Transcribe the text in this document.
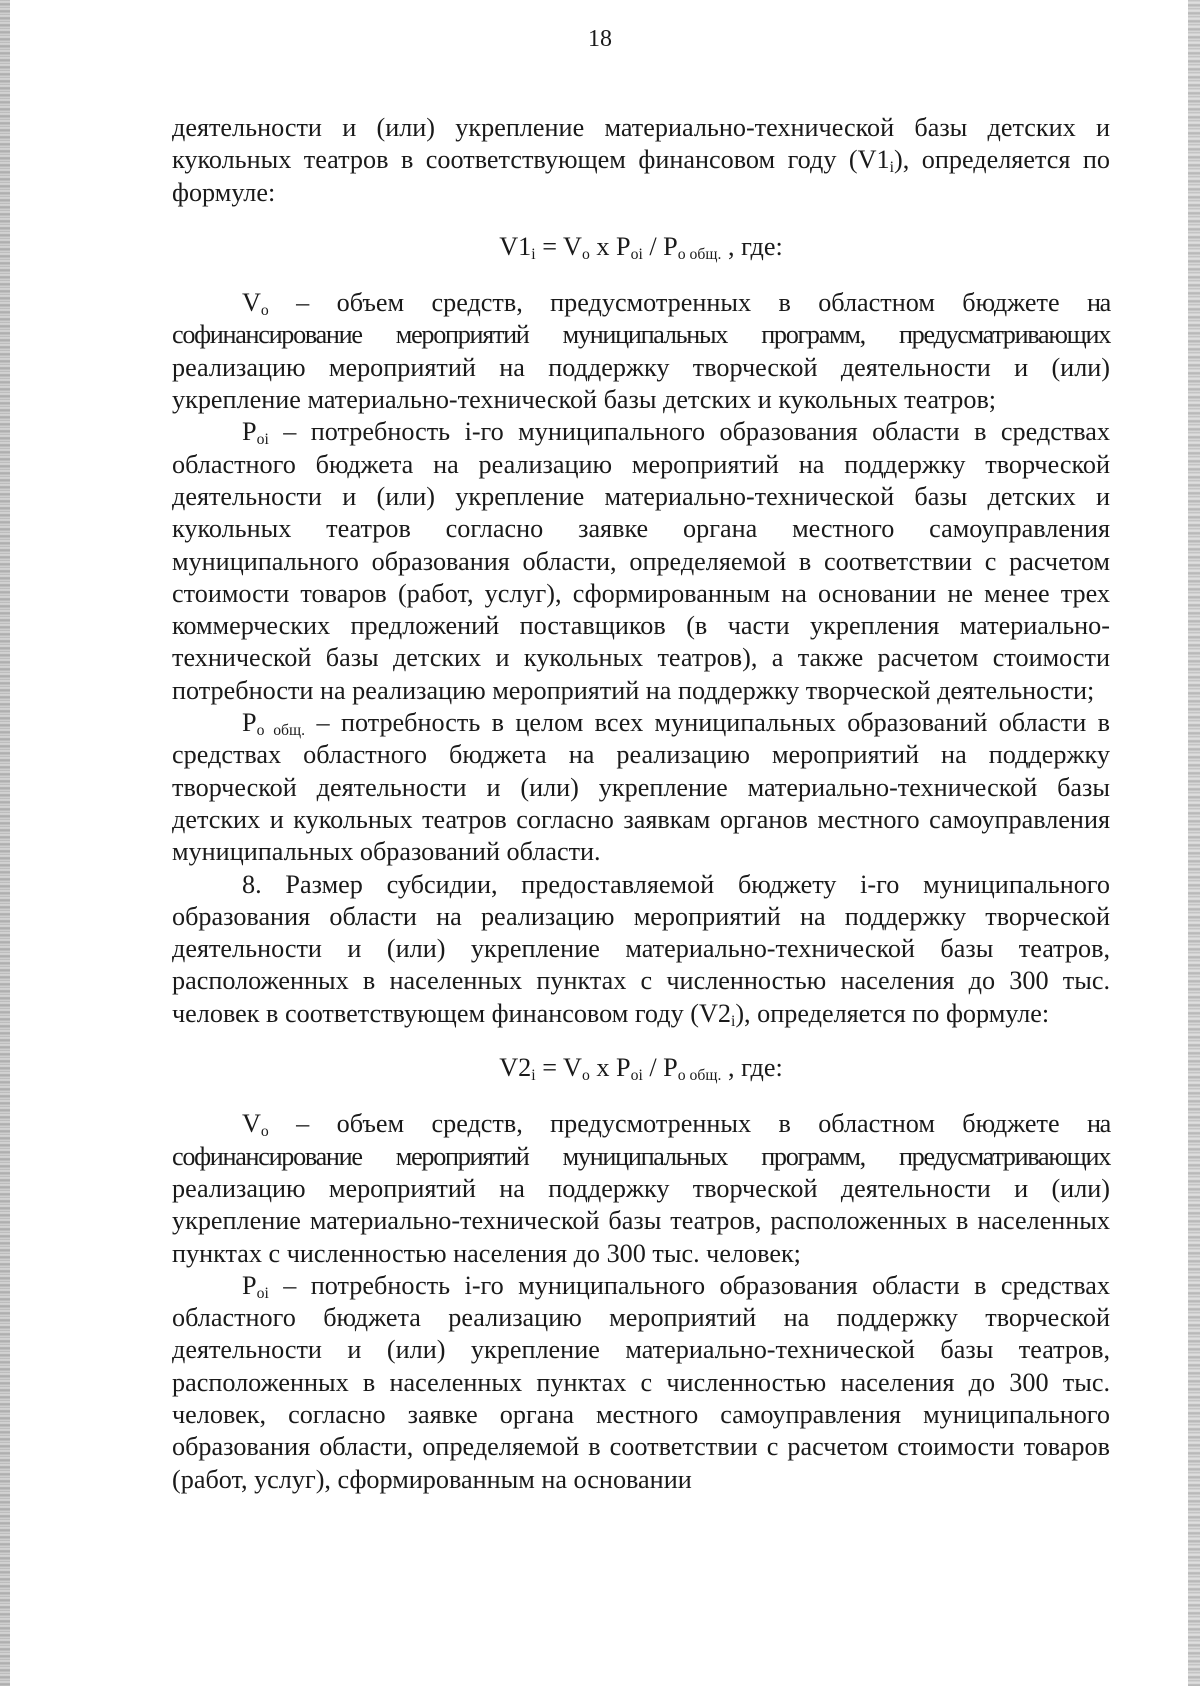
18

деятельности и (или) укрепление материально-технической базы детских и кукольных театров в соответствующем финансовом году $(V1_i)$, определяется по формуле:

$V1_i = V_o$ x $P_{oi} / P_{o общ.}$ , где:

$V_o$ – объем средств, предусмотренных в областном бюджете на софинансирование мероприятий муниципальных программ, предусматривающих реализацию мероприятий на поддержку творческой деятельности и (или) укрепление материально-технической базы детских и кукольных театров;

$P_{oi}$ – потребность i-го муниципального образования области в средствах областного бюджета на реализацию мероприятий на поддержку творческой деятельности и (или) укрепление материально-технической базы детских и кукольных театров согласно заявке органа местного самоуправления муниципального образования области, определяемой в соответствии с расчетом стоимости товаров (работ, услуг), сформированным на основании не менее трех коммерческих предложений поставщиков (в части укрепления материально-технической базы детских и кукольных театров), а также расчетом стоимости потребности на реализацию мероприятий на поддержку творческой деятельности;

$P_{o общ.}$ – потребность в целом всех муниципальных образований области в средствах областного бюджета на реализацию мероприятий на поддержку творческой деятельности и (или) укрепление материально-технической базы детских и кукольных театров согласно заявкам органов местного самоуправления муниципальных образований области.

8. Размер субсидии, предоставляемой бюджету i-го муниципального образования области на реализацию мероприятий на поддержку творческой деятельности и (или) укрепление материально-технической базы театров, расположенных в населенных пунктах с численностью населения до 300 тыс. человек в соответствующем финансовом году $(V2_i)$, определяется по формуле:

$V2_i = V_o$ x $P_{oi} / P_{o общ.}$ , где:

$V_o$ – объем средств, предусмотренных в областном бюджете на софинансирование мероприятий муниципальных программ, предусматривающих реализацию мероприятий на поддержку творческой деятельности и (или) укрепление материально-технической базы театров, расположенных в населенных пунктах с численностью населения до 300 тыс. человек;

$P_{oi}$ – потребность i-го муниципального образования области в средствах областного бюджета реализацию мероприятий на поддержку творческой деятельности и (или) укрепление материально-технической базы театров, расположенных в населенных пунктах с численностью населения до 300 тыс. человек, согласно заявке органа местного самоуправления муниципального образования области, определяемой в соответствии с расчетом стоимости товаров (работ, услуг), сформированным на основании
